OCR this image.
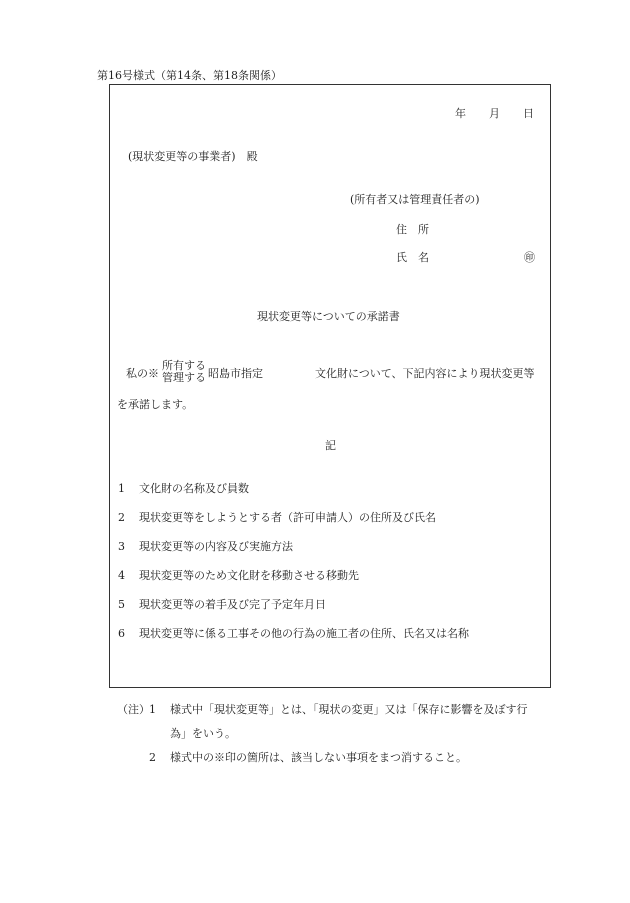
第16号様式（第14条、第18条関係）
年 月 日
(現状変更等の事業者)　殿
(所有者又は管理責任者の)
住　所
氏　名	㊞
現状変更等についての承諾書
私の※
所有する
管理する 昭島市指定	文化財について、下記内容により現状変更等
を承諾します。
記
1 文化財の名称及び員数
2 現状変更等をしようとする者（許可申請人）の住所及び氏名
3 現状変更等の内容及び実施方法
4 現状変更等のため文化財を移動させる移動先
5 現状変更等の着手及び完了予定年月日
6 現状変更等に係る工事その他の行為の施工者の住所、氏名又は名称
（注） 1 様式中「現状変更等」とは、「現状の変更」又は「保存に影響を及ぼす行
為」をいう。
2 様式中の※印の箇所は、該当しない事項をまつ消すること。
